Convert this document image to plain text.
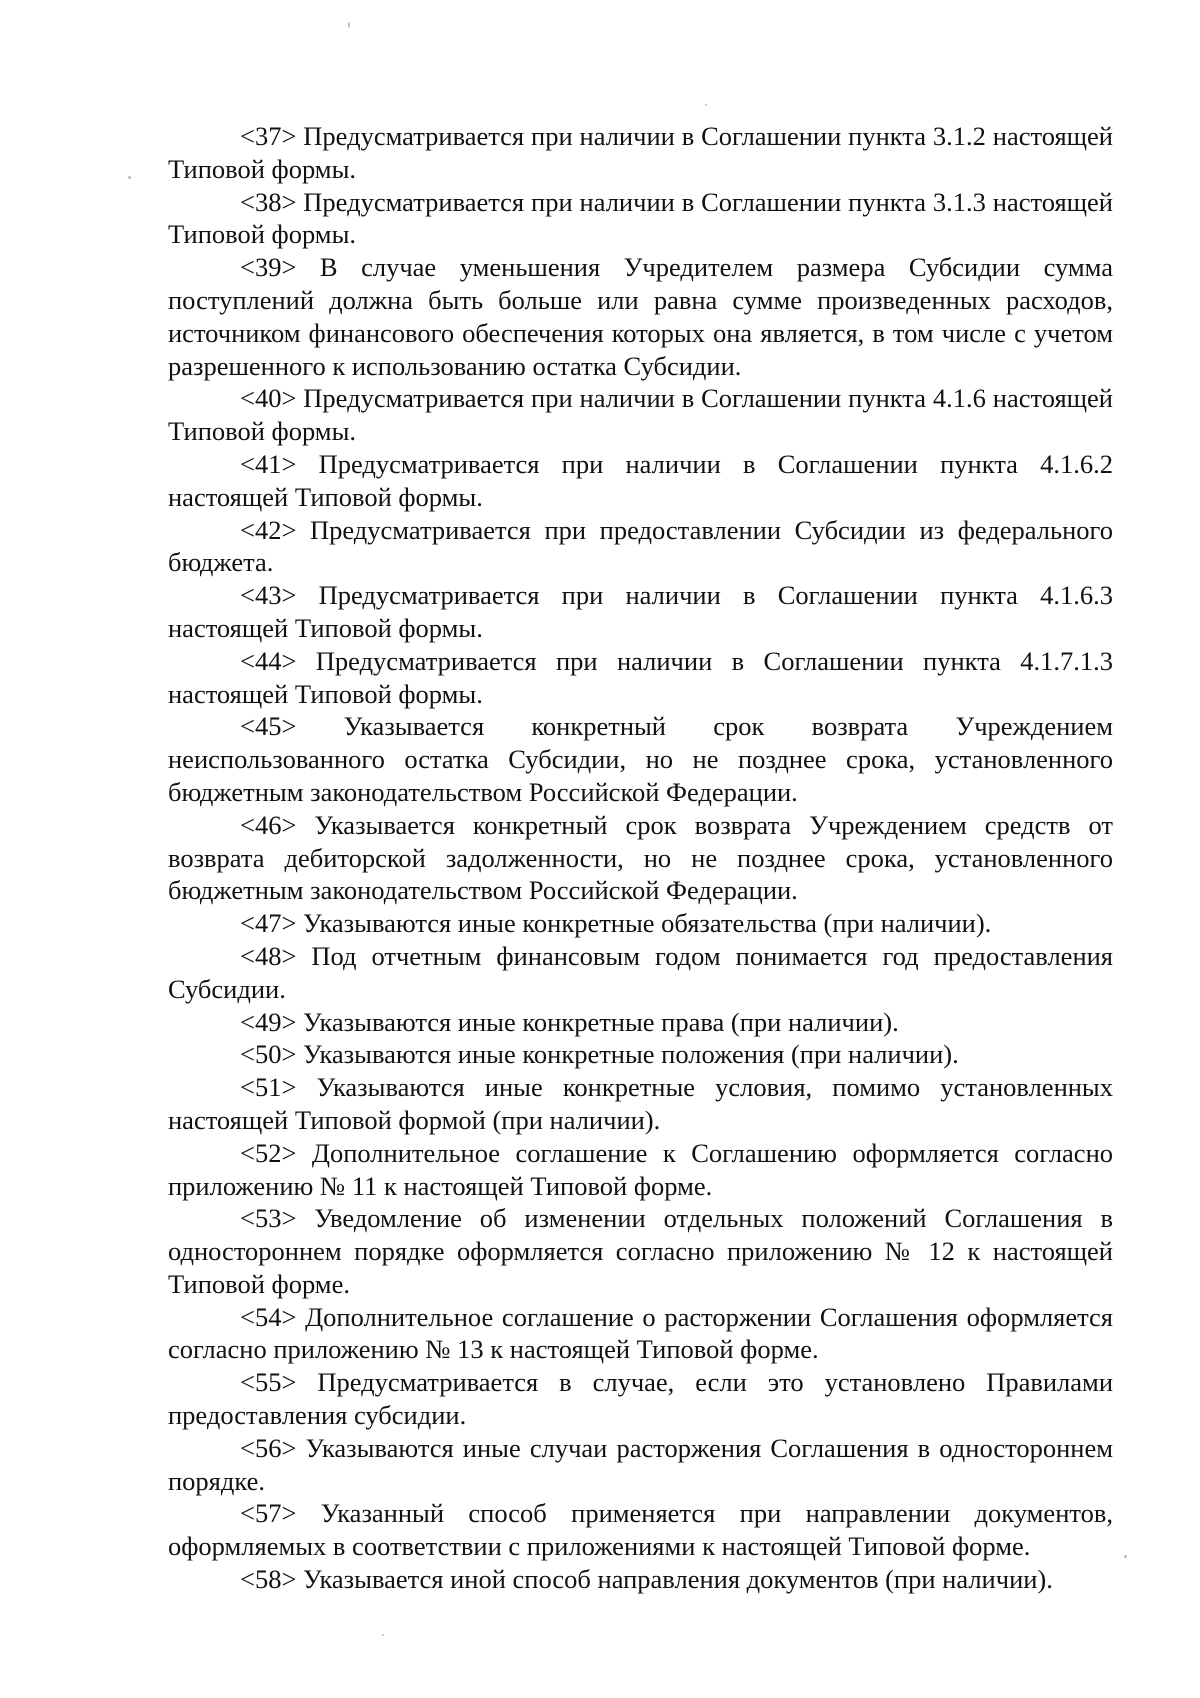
<37> Предусматривается при наличии в Соглашении пункта 3.1.2 настоящей Типовой формы.

<38> Предусматривается при наличии в Соглашении пункта 3.1.3 настоящей Типовой формы.

<39> В случае уменьшения Учредителем размера Субсидии сумма поступлений должна быть больше или равна сумме произведенных расходов, источником финансового обеспечения которых она является, в том числе с учетом разрешенного к использованию остатка Субсидии.

<40> Предусматривается при наличии в Соглашении пункта 4.1.6 настоящей Типовой формы.

<41> Предусматривается при наличии в Соглашении пункта 4.1.6.2 настоящей Типовой формы.

<42> Предусматривается при предоставлении Субсидии из федерального бюджета.

<43> Предусматривается при наличии в Соглашении пункта 4.1.6.3 настоящей Типовой формы.

<44> Предусматривается при наличии в Соглашении пункта 4.1.7.1.3 настоящей Типовой формы.

<45> Указывается конкретный срок возврата Учреждением неиспользованного остатка Субсидии, но не позднее срока, установленного бюджетным законодательством Российской Федерации.

<46> Указывается конкретный срок возврата Учреждением средств от возврата дебиторской задолженности, но не позднее срока, установленного бюджетным законодательством Российской Федерации.

<47> Указываются иные конкретные обязательства (при наличии).

<48> Под отчетным финансовым годом понимается год предоставления Субсидии.

<49> Указываются иные конкретные права (при наличии).

<50> Указываются иные конкретные положения (при наличии).

<51> Указываются иные конкретные условия, помимо установленных настоящей Типовой формой (при наличии).

<52> Дополнительное соглашение к Соглашению оформляется согласно приложению № 11 к настоящей Типовой форме.

<53> Уведомление об изменении отдельных положений Соглашения в одностороннем порядке оформляется согласно приложению № 12 к настоящей Типовой форме.

<54> Дополнительное соглашение о расторжении Соглашения оформляется согласно приложению № 13 к настоящей Типовой форме.

<55> Предусматривается в случае, если это установлено Правилами предоставления субсидии.

<56> Указываются иные случаи расторжения Соглашения в одностороннем порядке.

<57> Указанный способ применяется при направлении документов, оформляемых в соответствии с приложениями к настоящей Типовой форме.

<58> Указывается иной способ направления документов (при наличии).
